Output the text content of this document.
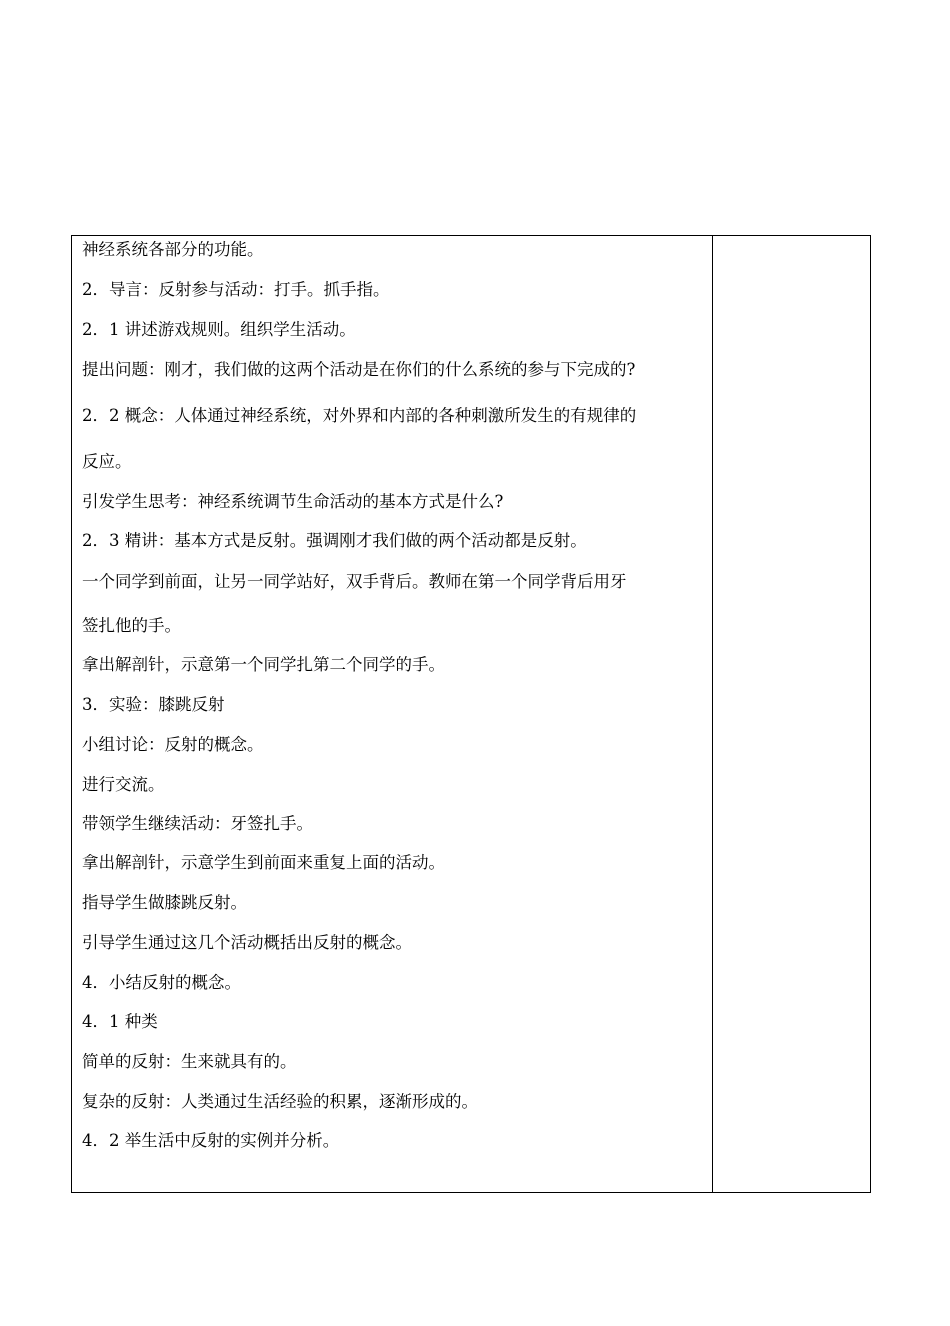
神经系统各部分的功能。
2．导言：反射参与活动：打手。抓手指。
2．1 讲述游戏规则。组织学生活动。
提出问题：刚才，我们做的这两个活动是在你们的什么系统的参与下完成的?
2．2 概念：人体通过神经系统，对外界和内部的各种刺激所发生的有规律的
反应。
引发学生思考：神经系统调节生命活动的基本方式是什么?
2．3 精讲：基本方式是反射。强调刚才我们做的两个活动都是反射。
一个同学到前面，让另一同学站好，双手背后。教师在第一个同学背后用牙
签扎他的手。
拿出解剖针，示意第一个同学扎第二个同学的手。
3．实验：膝跳反射
小组讨论：反射的概念。
进行交流。
带领学生继续活动：牙签扎手。
拿出解剖针，示意学生到前面来重复上面的活动。
指导学生做膝跳反射。
引导学生通过这几个活动概括出反射的概念。
4．小结反射的概念。
4．1 种类
简单的反射：生来就具有的。
复杂的反射：人类通过生活经验的积累，逐渐形成的。
4．2 举生活中反射的实例并分析。
